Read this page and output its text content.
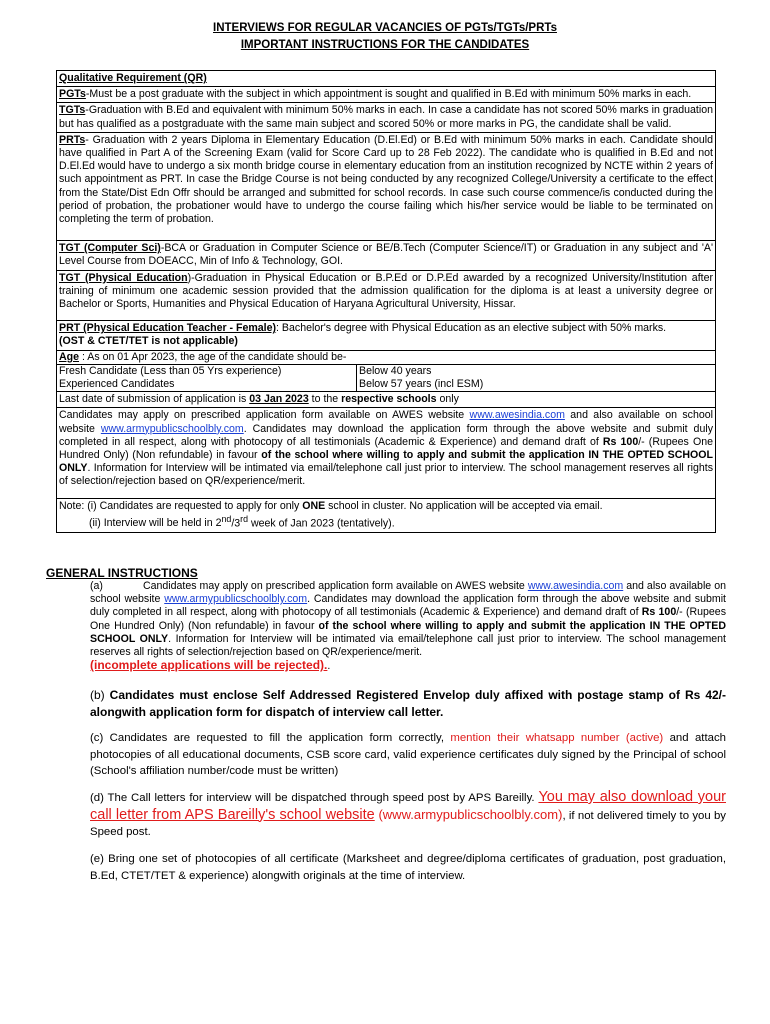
INTERVIEWS FOR REGULAR VACANCIES OF PGTs/TGTs/PRTs
IMPORTANT INSTRUCTIONS FOR THE CANDIDATES
Qualitative Requirement (QR)
PGTs-Must be a post graduate with the subject in which appointment is sought and qualified in B.Ed with minimum 50% marks in each.
TGTs-Graduation with B.Ed and equivalent with minimum 50% marks in each. In case a candidate has not scored 50% marks in graduation but has qualified as a postgraduate with the same main subject and scored 50% or more marks in PG, the candidate shall be valid.
PRTs- Graduation with 2 years Diploma in Elementary Education (D.El.Ed) or B.Ed with minimum 50% marks in each. Candidate should have qualified in Part A of the Screening Exam (valid for Score Card up to 28 Feb 2022). The candidate who is qualified in B.Ed and not D.El.Ed would have to undergo a six month bridge course in elementary education from an institution recognized by NCTE within 2 years of such appointment as PRT. In case the Bridge Course is not being conducted by any recognized College/University a certificate to the effect from the State/Dist Edn Offr should be arranged and submitted for school records. In case such course commence/is conducted during the period of probation, the probationer would have to undergo the course failing which his/her service would be liable to be terminated on completing the term of probation.
TGT (Computer Sci)-BCA or Graduation in Computer Science or BE/B.Tech (Computer Science/IT) or Graduation in any subject and 'A' Level Course from DOEACC, Min of Info & Technology, GOI.
TGT (Physical Education)-Graduation in Physical Education or B.P.Ed or D.P.Ed awarded by a recognized University/Institution after training of minimum one academic session provided that the admission qualification for the diploma is at least a university degree or Bachelor or Sports, Humanities and Physical Education of Haryana Agricultural University, Hissar.
PRT (Physical Education Teacher - Female): Bachelor's degree with Physical Education as an elective subject with 50% marks.
(OST & CTET/TET is not applicable)
Age : As on 01 Apr 2023, the age of the candidate should be-
Fresh Candidate (Less than 05 Yrs experience)	Below 40 years
Experienced Candidates	Below 57 years (incl ESM)
Last date of submission of application is 03 Jan 2023 to the respective schools only
Candidates may apply on prescribed application form available on AWES website www.awesindia.com and also available on school website www.armypublicschoolbly.com. Candidates may download the application form through the above website and submit duly completed in all respect, along with photocopy of all testimonials (Academic & Experience) and demand draft of Rs 100/- (Rupees One Hundred Only) (Non refundable) in favour of the school where willing to apply and submit the application IN THE OPTED SCHOOL ONLY. Information for Interview will be intimated via email/telephone call just prior to interview. The school management reserves all rights of selection/rejection based on QR/experience/merit.
Note: (i) Candidates are requested to apply for only ONE school in cluster. No application will be accepted via email.
(ii) Interview will be held in 2nd/3rd week of Jan 2023 (tentatively).
GENERAL INSTRUCTIONS
(a)	Candidates may apply on prescribed application form available on AWES website www.awesindia.com and also available on school website www.armypublicschoolbly.com. Candidates may download the application form through the above website and submit duly completed in all respect, along with photocopy of all testimonials (Academic & Experience) and demand draft of Rs 100/- (Rupees One Hundred Only) (Non refundable) in favour of the school where willing to apply and submit the application IN THE OPTED SCHOOL ONLY. Information for Interview will be intimated via email/telephone call just prior to interview. The school management reserves all rights of selection/rejection based on QR/experience/merit.
(incomplete applications will be rejected)..
(b) Candidates must enclose Self Addressed Registered Envelop duly affixed with postage stamp of Rs 42/- alongwith application form for dispatch of interview call letter.
(c) Candidates are requested to fill the application form correctly, mention their whatsapp number (active) and attach photocopies of all educational documents, CSB score card, valid experience certificates duly signed by the Principal of school (School's affiliation number/code must be written)
(d) The Call letters for interview will be dispatched through speed post by APS Bareilly. You may also download your call letter from APS Bareilly's school website (www.armypublicschoolbly.com), if not delivered timely to you by Speed post.
(e) Bring one set of photocopies of all certificate (Marksheet and degree/diploma certificates of graduation, post graduation, B.Ed, CTET/TET & experience) alongwith originals at the time of interview.
